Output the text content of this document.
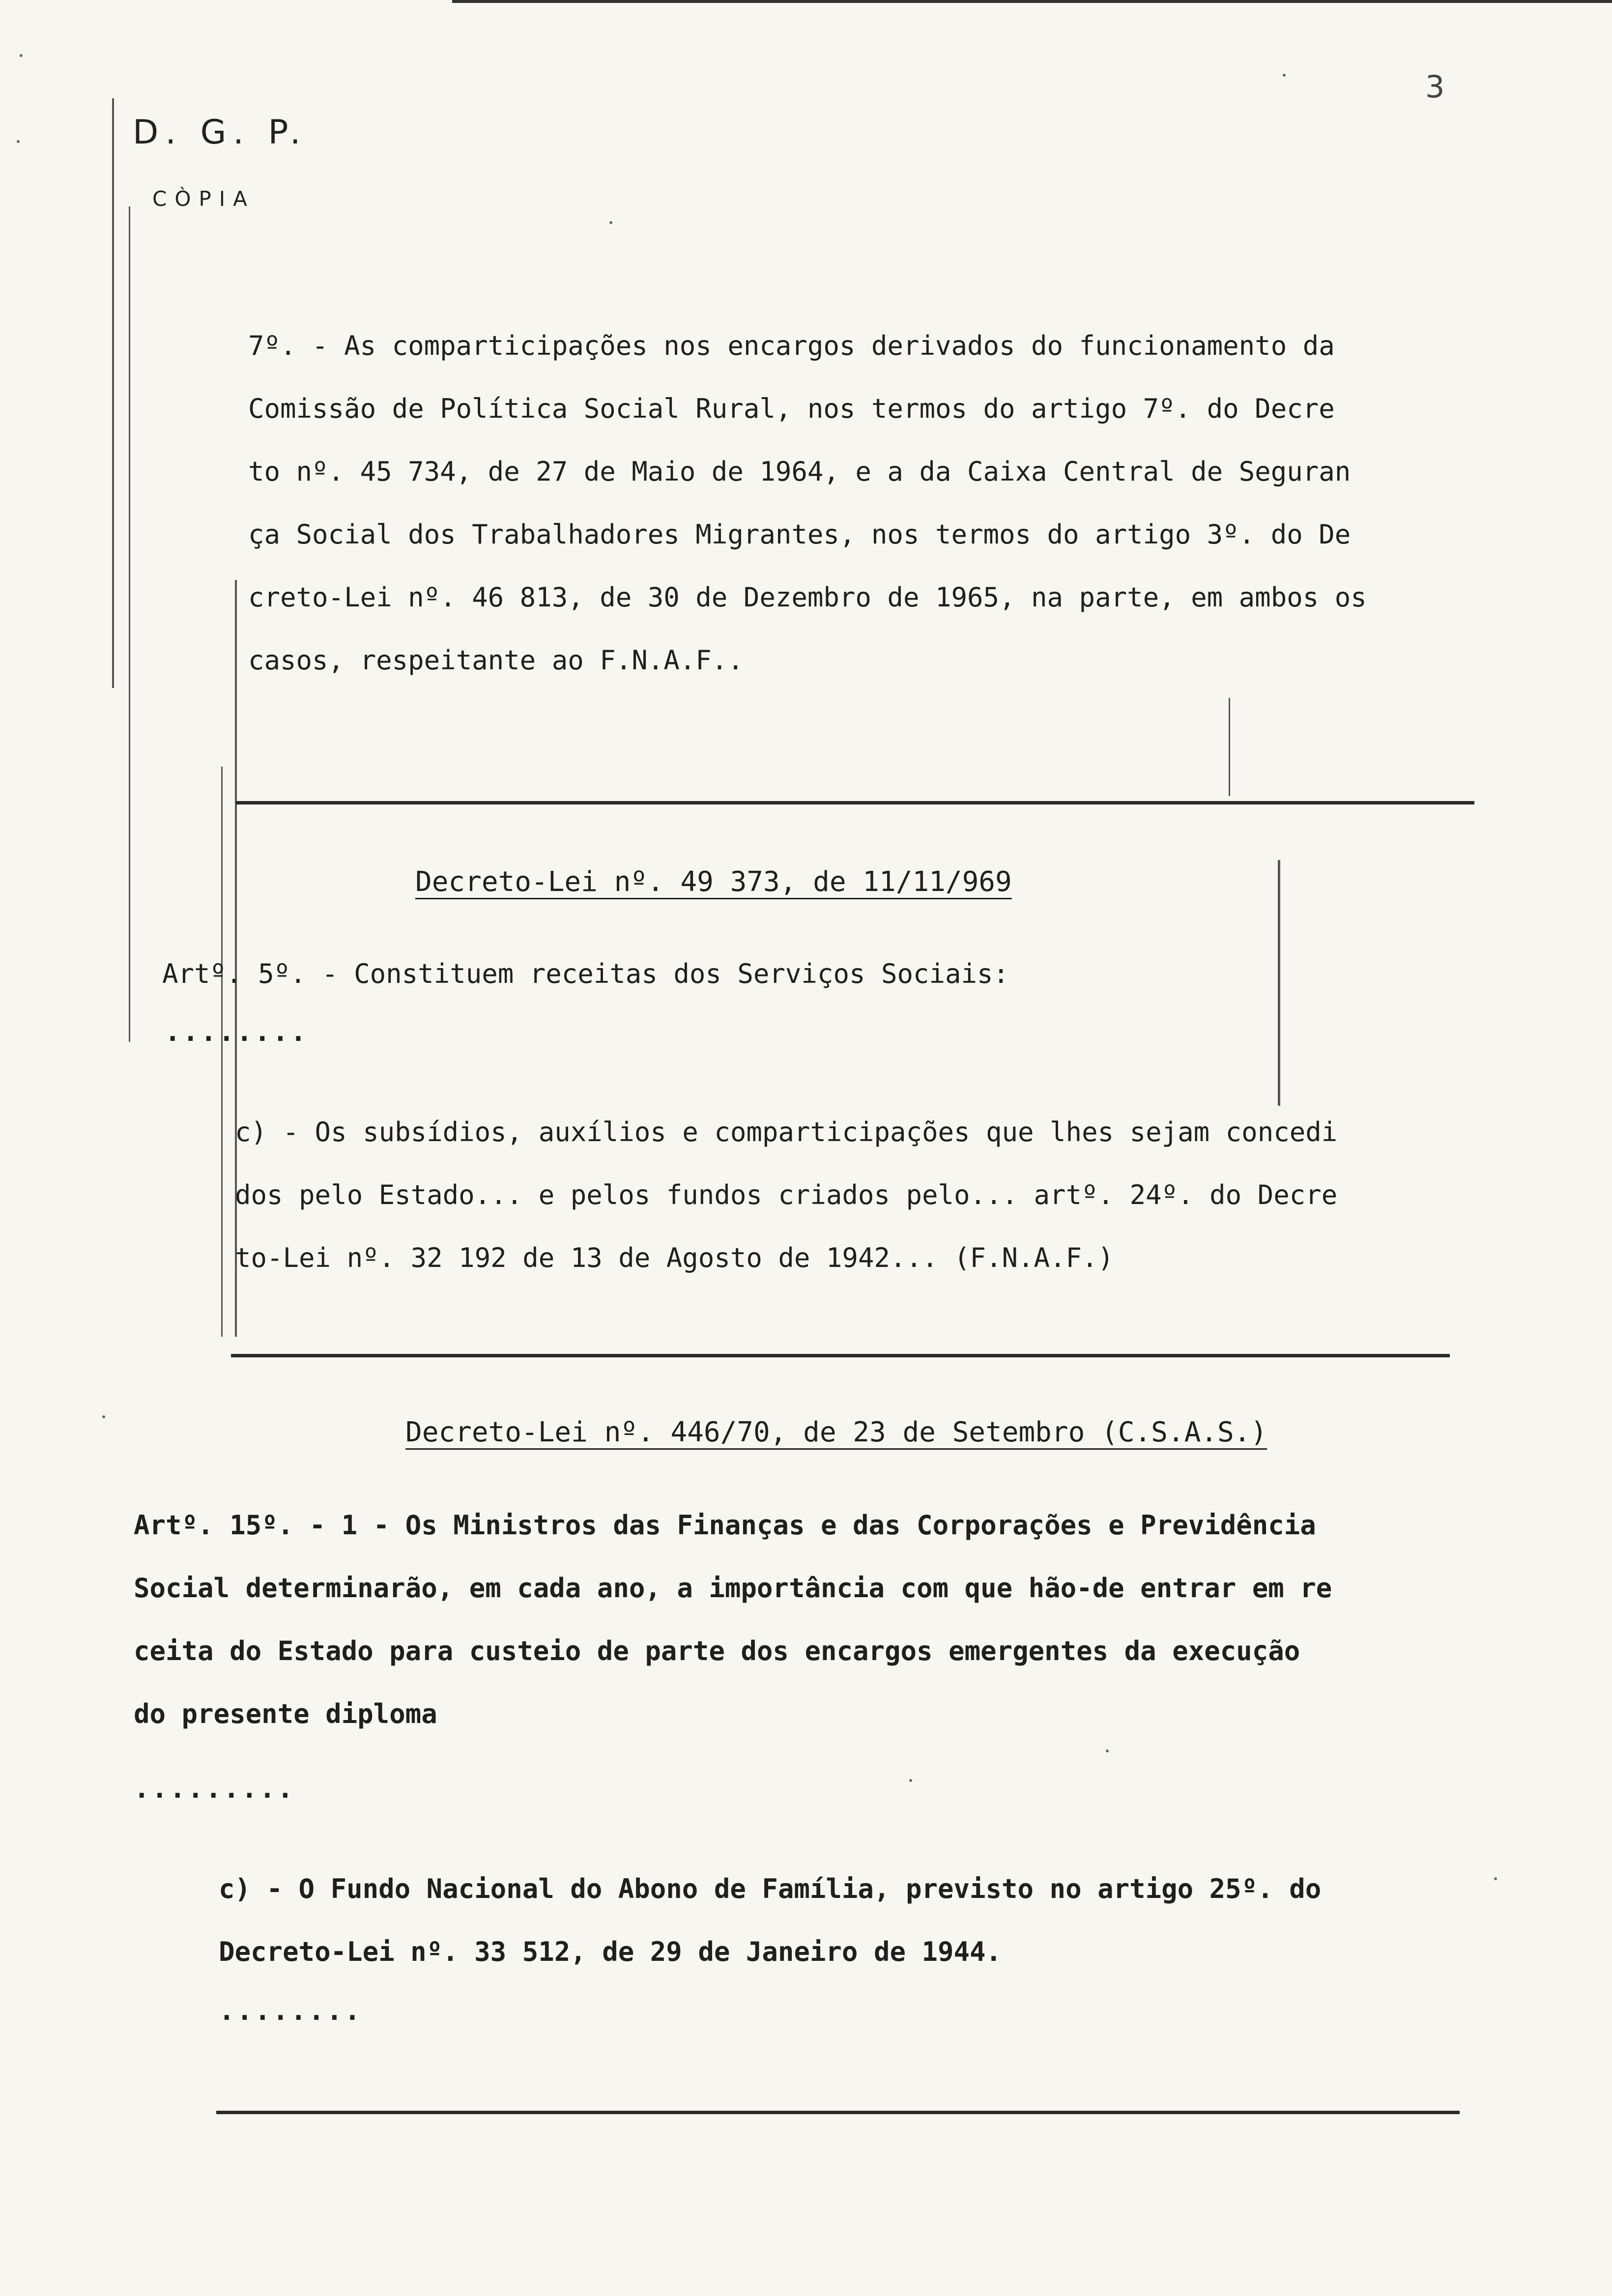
3
D. G. P.
CÒPIA
7º. - As comparticipações nos encargos derivados do funcionamento da
Comissão de Política Social Rural, nos termos do artigo 7º. do Decre
to nº. 45 734, de 27 de Maio de 1964, e a da Caixa Central de Seguran
ça Social dos Trabalhadores Migrantes, nos termos do artigo 3º. do De
creto-Lei nº. 46 813, de 30 de Dezembro de 1965, na parte, em ambos os
casos, respeitante ao F.N.A.F..
Decreto-Lei nº. 49 373, de 11/11/969
Artº. 5º. - Constituem receitas dos Serviços Sociais:
........
c) - Os subsídios, auxílios e comparticipações que lhes sejam concedi
dos pelo Estado... e pelos fundos criados pelo... artº. 24º. do Decre
to-Lei nº. 32 192 de 13 de Agosto de 1942... (F.N.A.F.)
Decreto-Lei nº. 446/70, de 23 de Setembro (C.S.A.S.)
Artº. 15º. - 1 - Os Ministros das Finanças e das Corporações e Previdência
Social determinarão, em cada ano, a importância com que hão-de entrar em re
ceita do Estado para custeio de parte dos encargos emergentes da execução
do presente diploma
.........
c) - O Fundo Nacional do Abono de Família, previsto no artigo 25º. do
Decreto-Lei nº. 33 512, de 29 de Janeiro de 1944.
........
